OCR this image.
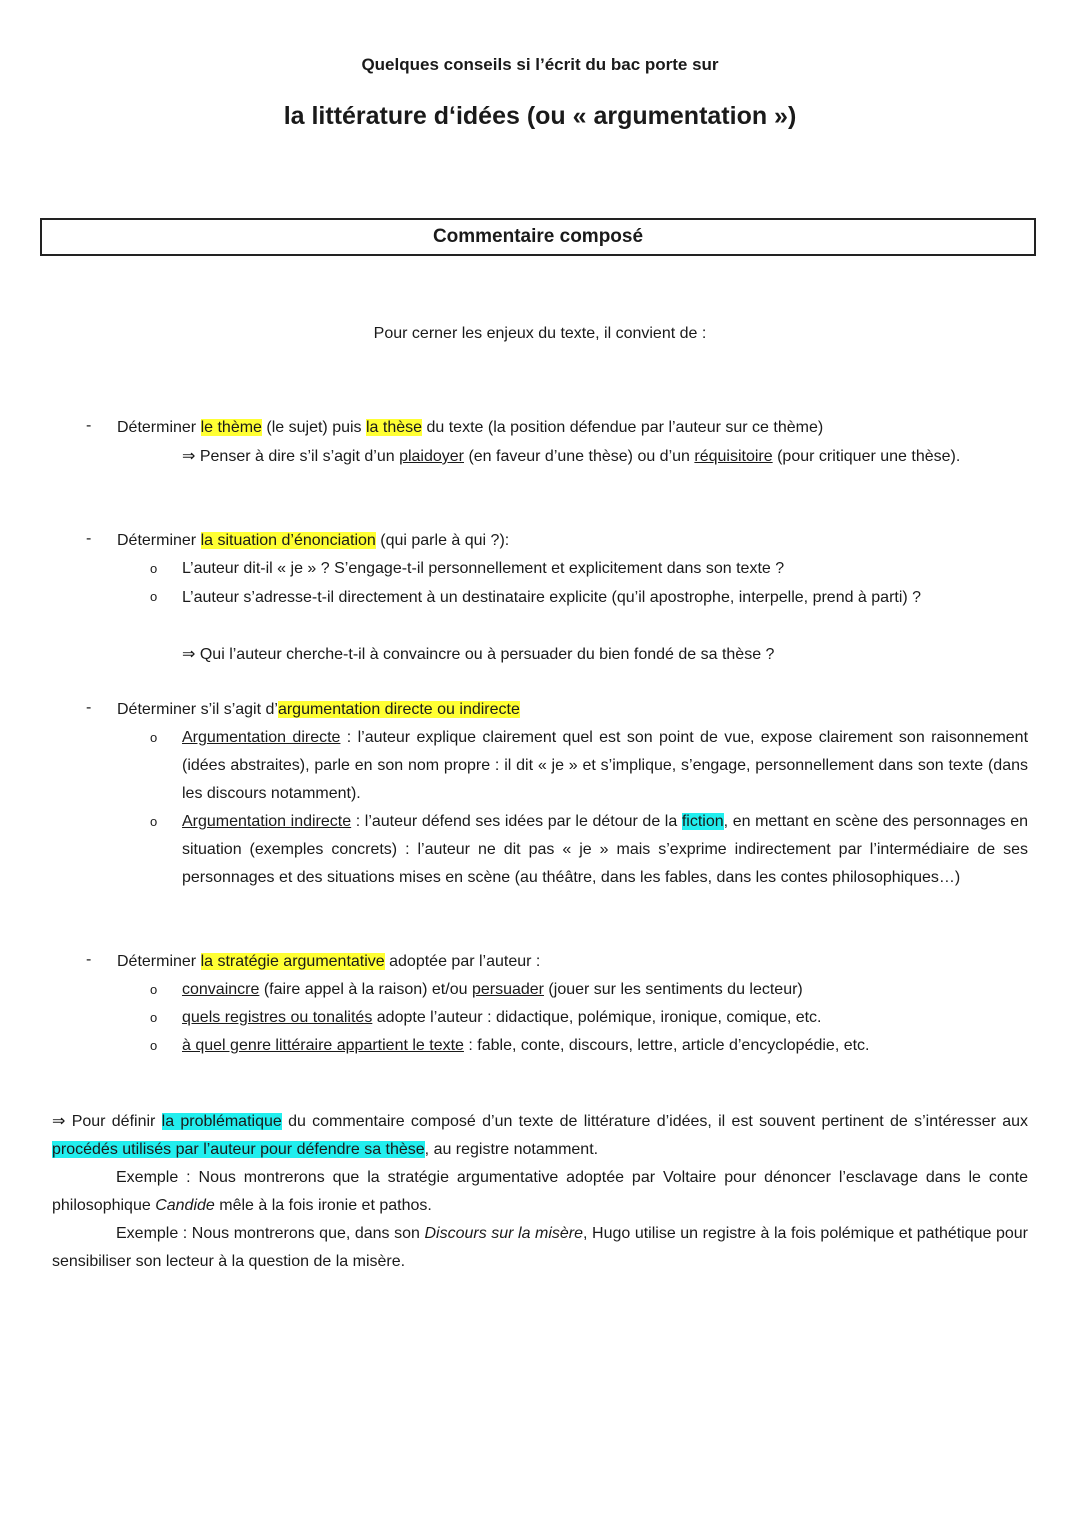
Quelques conseils si l’écrit du bac porte sur
la littérature d‘idées (ou « argumentation »)
Commentaire composé
Pour cerner les enjeux du texte, il convient de :
- Déterminer le thème (le sujet) puis la thèse du texte (la position défendue par l’auteur sur ce thème)
⇒ Penser à dire s’il s’agit d’un plaidoyer (en faveur d’une thèse) ou d’un réquisitoire (pour critiquer une thèse).
- Déterminer la situation d’énonciation (qui parle à qui ?):
o L’auteur dit-il « je » ? S’engage-t-il personnellement et explicitement dans son texte ?
o L’auteur s’adresse-t-il directement à un destinataire explicite (qu’il apostrophe, interpelle, prend à parti) ?
⇒ Qui l’auteur cherche-t-il à convaincre ou à persuader du bien fondé de sa thèse ?
- Déterminer s’il s’agit d’argumentation directe ou indirecte
o Argumentation directe : l’auteur explique clairement quel est son point de vue, expose clairement son raisonnement (idées abstraites), parle en son nom propre : il dit « je » et s’implique, s’engage, personnellement dans son texte (dans les discours notamment).
o Argumentation indirecte : l’auteur défend ses idées par le détour de la fiction, en mettant en scène des personnages en situation (exemples concrets) : l’auteur ne dit pas « je » mais s’exprime indirectement par l’intermédiaire de ses personnages et des situations mises en scène (au théâtre, dans les fables, dans les contes philosophiques…)
- Déterminer la stratégie argumentative adoptée par l’auteur :
o convaincre (faire appel à la raison) et/ou persuader (jouer sur les sentiments du lecteur)
o quels registres ou tonalités adopte l’auteur : didactique, polémique, ironique, comique, etc.
o à quel genre littéraire appartient le texte : fable, conte, discours, lettre, article d’encyclopédie, etc.
⇒ Pour définir la problématique du commentaire composé d’un texte de littérature d’idées, il est souvent pertinent de s’intéresser aux procédés utilisés par l’auteur pour défendre sa thèse, au registre notamment.
Exemple : Nous montrerons que la stratégie argumentative adoptée par Voltaire pour dénoncer l’esclavage dans le conte philosophique Candide mêle à la fois ironie et pathos.
Exemple : Nous montrerons que, dans son Discours sur la misère, Hugo utilise un registre à la fois polémique et pathétique pour sensibiliser son lecteur à la question de la misère.
